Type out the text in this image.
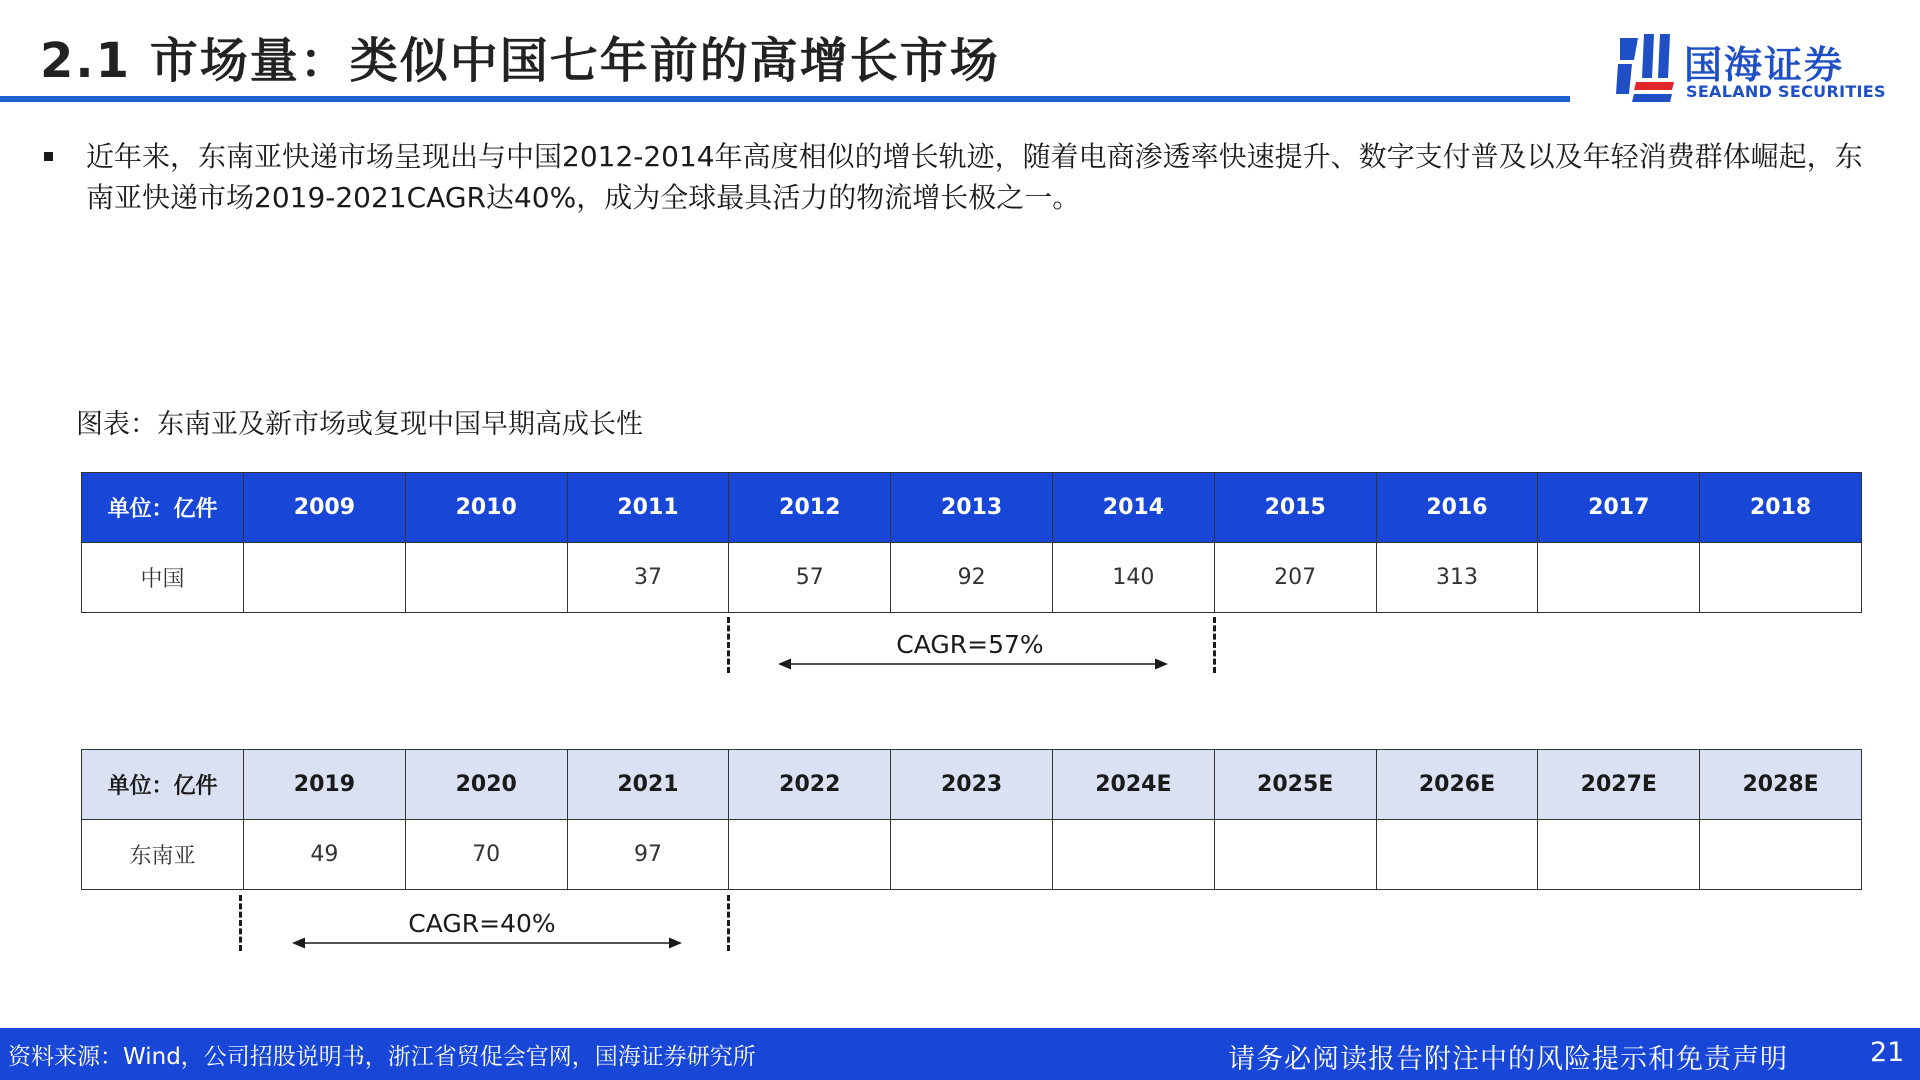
2.1 市场量：类似中国七年前的高增长市场	国海证券
SEALAND SECURITIES
近年来，东南亚快递市场呈现出与中国2012-2014年高度相似的增长轨迹，随着电商渗透率快速提升、数字支付普及以及年轻消费群体崛起，东南亚快递市场2019-2021CAGR达40%，成为全球最具活力的物流增长极之一。
图表：东南亚及新市场或复现中国早期高成长性
单位：亿件	2009	2010	2011	2012	2013	2014	2015	2016	2017	2018
中国			37	57	92	140	207	313		
CAGR=57%
单位：亿件	2019	2020	2021	2022	2023	2024E	2025E	2026E	2027E	2028E
东南亚	49	70	97							
CAGR=40%
资料来源：Wind，公司招股说明书，浙江省贸促会官网，国海证券研究所	请务必阅读报告附注中的风险提示和免责声明	21
